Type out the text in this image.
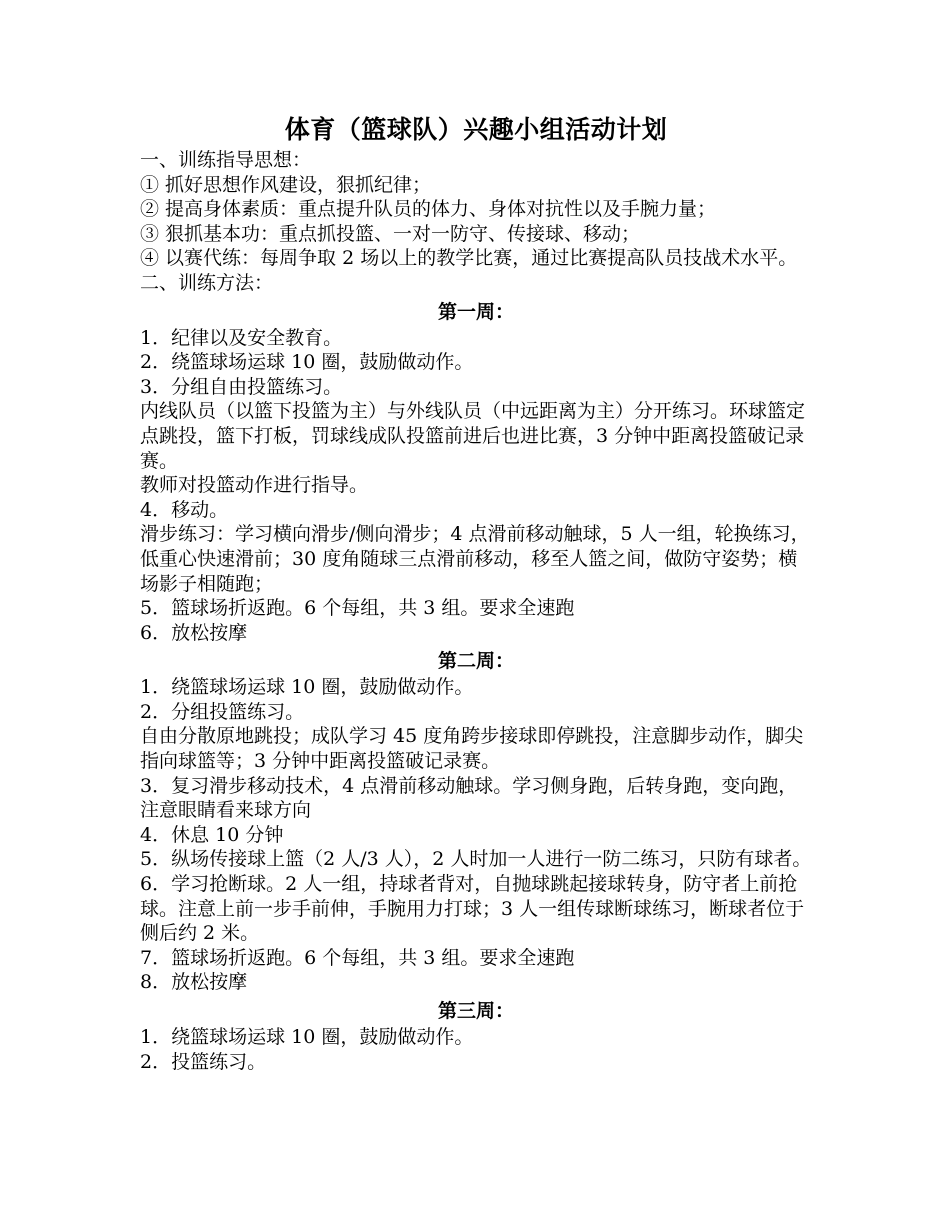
体育（篮球队）兴趣小组活动计划
一、训练指导思想：
① 抓好思想作风建设，狠抓纪律；
② 提高身体素质：重点提升队员的体力、身体对抗性以及手腕力量；
③ 狠抓基本功：重点抓投篮、一对一防守、传接球、移动；
④ 以赛代练：每周争取 2 场以上的教学比赛，通过比赛提高队员技战术水平。
二、训练方法：
第一周：
1．纪律以及安全教育。
2．绕篮球场运球 10 圈，鼓励做动作。
3．分组自由投篮练习。
内线队员（以篮下投篮为主）与外线队员（中远距离为主）分开练习。环球篮定点跳投，篮下打板，罚球线成队投篮前进后也进比赛，3 分钟中距离投篮破记录赛。
教师对投篮动作进行指导。
4．移动。
滑步练习：学习横向滑步/侧向滑步；4 点滑前移动触球，5 人一组，轮换练习，低重心快速滑前；30 度角随球三点滑前移动，移至人篮之间，做防守姿势；横场影子相随跑；
5．篮球场折返跑。6 个每组，共 3 组。要求全速跑
6．放松按摩
第二周：
1．绕篮球场运球 10 圈，鼓励做动作。
2．分组投篮练习。
自由分散原地跳投；成队学习 45 度角跨步接球即停跳投，注意脚步动作，脚尖指向球篮等；3 分钟中距离投篮破记录赛。
3．复习滑步移动技术，4 点滑前移动触球。学习侧身跑，后转身跑，变向跑，注意眼睛看来球方向
4．休息 10 分钟
5．纵场传接球上篮（2 人/3 人），2 人时加一人进行一防二练习，只防有球者。
6．学习抢断球。2 人一组，持球者背对，自抛球跳起接球转身，防守者上前抢球。注意上前一步手前伸，手腕用力打球；3 人一组传球断球练习，断球者位于侧后约 2 米。
7．篮球场折返跑。6 个每组，共 3 组。要求全速跑
8．放松按摩
第三周：
1．绕篮球场运球 10 圈，鼓励做动作。
2．投篮练习。
